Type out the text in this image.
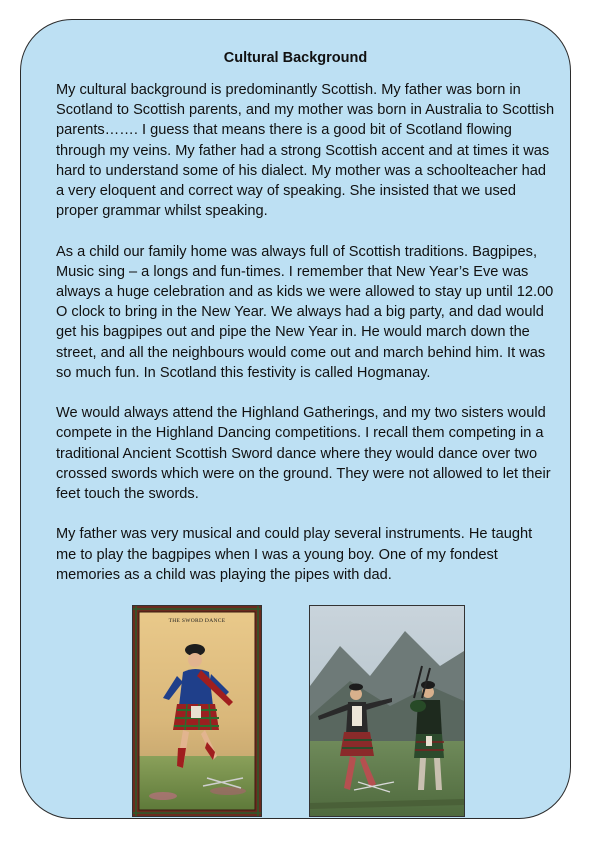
Cultural Background

My cultural background is predominantly Scottish. My father was born in Scotland to Scottish parents, and my mother was born in Australia to Scottish parents……. I guess that means there is a good bit of Scotland flowing through my veins. My father had a strong Scottish accent and at times it was hard to understand some of his dialect. My mother was a schoolteacher had a very eloquent and correct way of speaking. She insisted that we used proper grammar whilst speaking.

As a child our family home was always full of Scottish traditions. Bagpipes, Music sing – a longs and fun-times. I remember that New Year’s Eve was always a huge celebration and as kids we were allowed to stay up until 12.00 O clock to bring in the New Year. We always had a big party, and dad would get his bagpipes out and pipe the New Year in. He would march down the street, and all the neighbours would come out and march behind him. It was so much fun. In Scotland this festivity is called Hogmanay.

We would always attend the Highland Gatherings, and my two sisters would compete in the Highland Dancing competitions. I recall them competing in a traditional Ancient Scottish Sword dance where they would dance over two crossed swords which were on the ground. They were not allowed to let their feet touch the swords.

My father was very musical and could play several instruments. He taught me to play the bagpipes when I was a young boy. One of my fondest memories as a child was playing the pipes with dad.

THE SWORD DANCE
